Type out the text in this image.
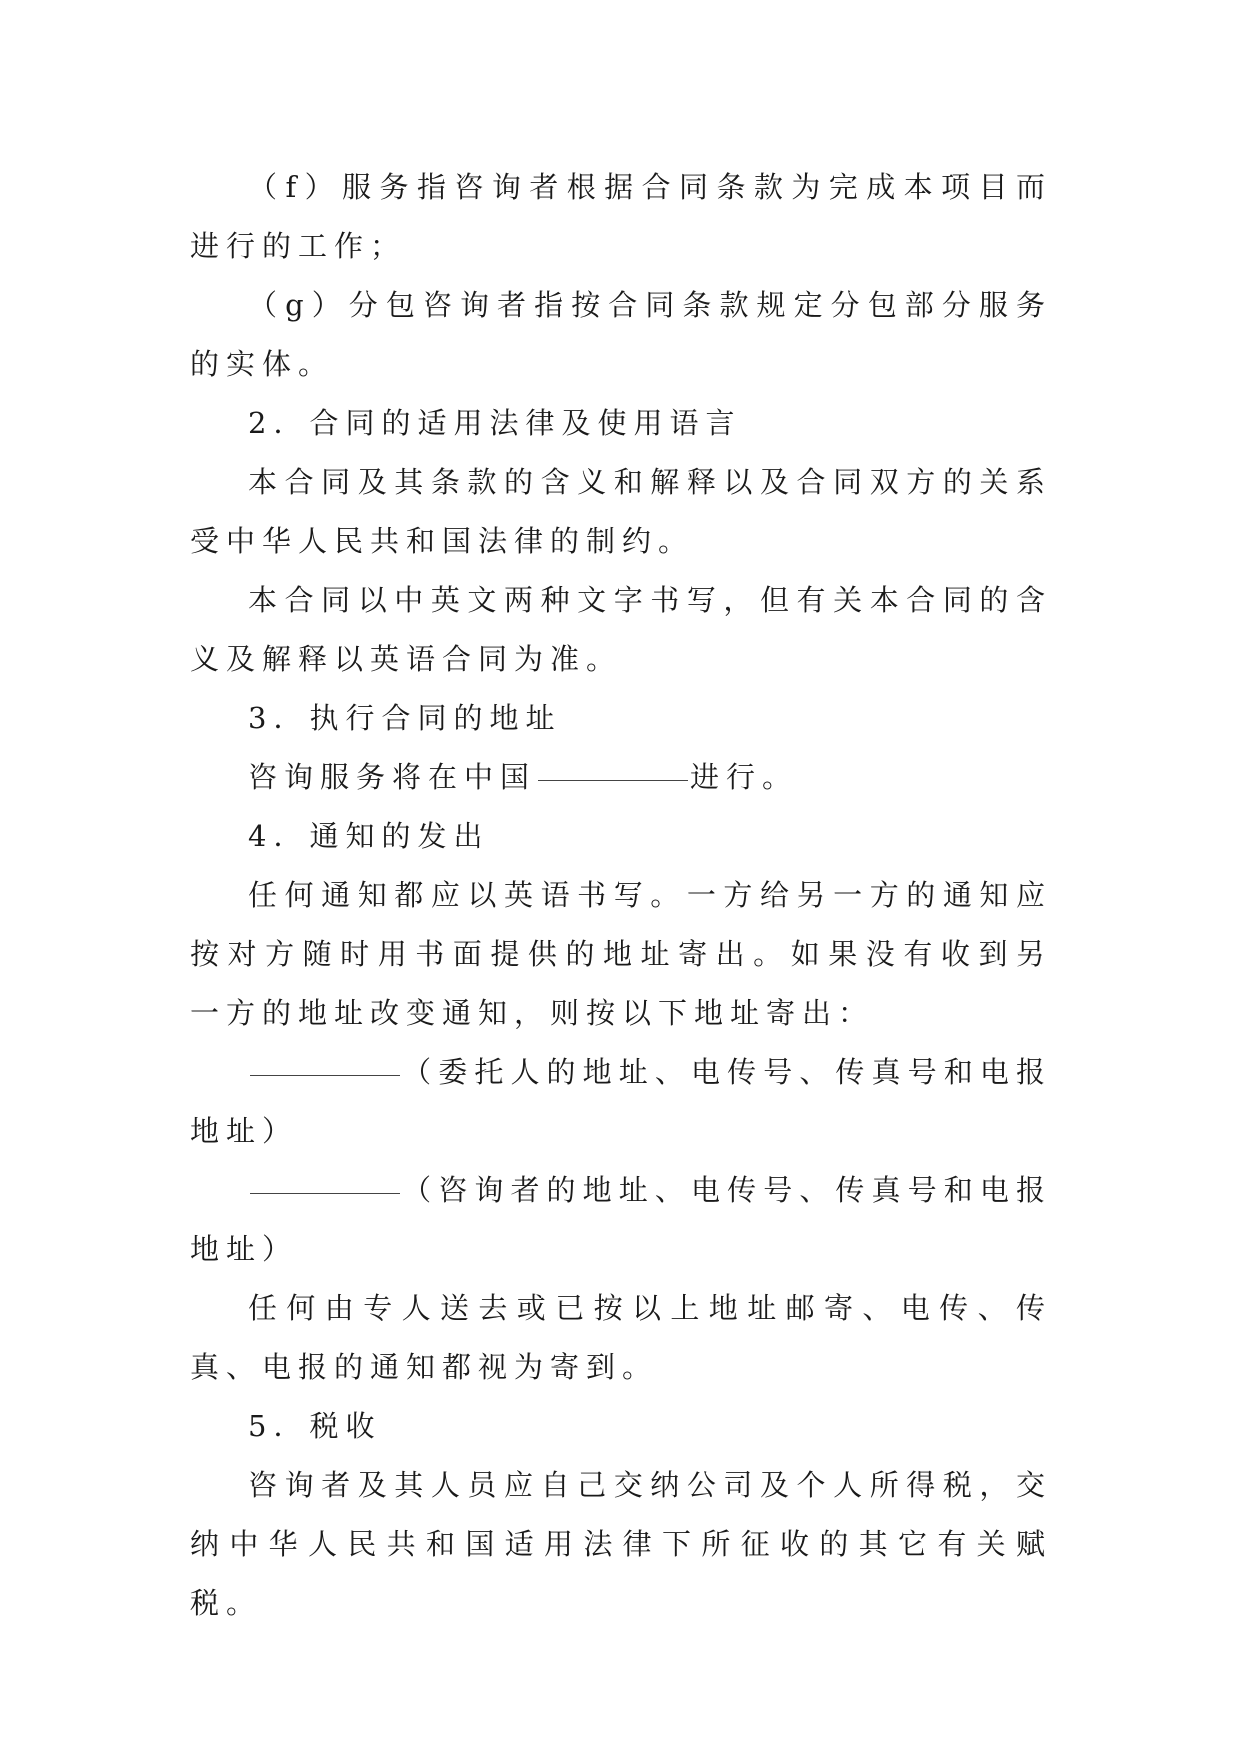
（f）服务指咨询者根据合同条款为完成本项目而进行的工作；

（g）分包咨询者指按合同条款规定分包部分服务的实体。

2．合同的适用法律及使用语言

本合同及其条款的含义和解释以及合同双方的关系受中华人民共和国法律的制约。

本合同以中英文两种文字书写，但有关本合同的含义及解释以英语合同为准。

3．执行合同的地址

咨询服务将在中国	进行。

4．通知的发出

任何通知都应以英语书写。一方给另一方的通知应按对方随时用书面提供的地址寄出。如果没有收到另一方的地址改变通知，则按以下地址寄出：

（委托人的地址、电传号、传真号和电报地址）

（咨询者的地址、电传号、传真号和电报地址）

任何由专人送去或已按以上地址邮寄、电传、传真、电报的通知都视为寄到。

5．税收

咨询者及其人员应自己交纳公司及个人所得税，交纳中华人民共和国适用法律下所征收的其它有关赋税。
